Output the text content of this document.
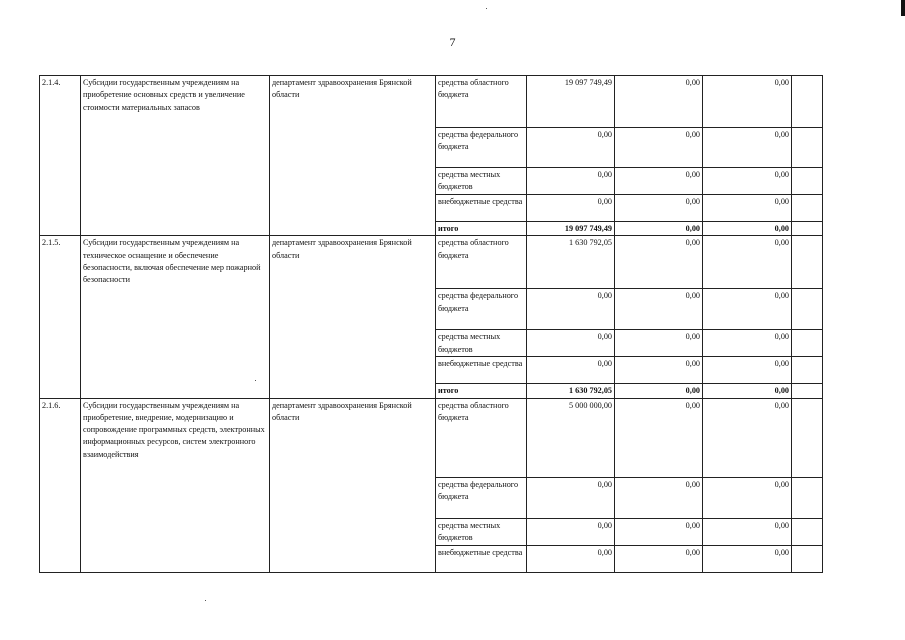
7
2.1.4.	Субсидии государственным учреждениям на приобретение основных средств и увеличение стоимости материальных запасов	департамент здравоохранения Брянской области	средства областного бюджета	19 097 749,49	0,00	0,00	
			средства федерального бюджета	0,00	0,00	0,00	
			средства местных бюджетов	0,00	0,00	0,00	
			внебюджетные средства	0,00	0,00	0,00	
			итого	19 097 749,49	0,00	0,00	
2.1.5.	Субсидии государственным учреждениям на техническое оснащение и обеспечение безопасности, включая обеспечение мер пожарной безопасности	департамент здравоохранения Брянской области	средства областного бюджета	1 630 792,05	0,00	0,00	
			средства федерального бюджета	0,00	0,00	0,00	
			средства местных бюджетов	0,00	0,00	0,00	
			внебюджетные средства	0,00	0,00	0,00	
			итого	1 630 792,05	0,00	0,00	
2.1.6.	Субсидии государственным учреждениям на приобретение, внедрение, модернизацию и сопровождение программных средств, электронных информационных ресурсов, систем электронного взаимодействия	департамент здравоохранения Брянской области	средства областного бюджета	5 000 000,00	0,00	0,00	
			средства федерального бюджета	0,00	0,00	0,00	
			средства местных бюджетов	0,00	0,00	0,00	
			внебюджетные средства	0,00	0,00	0,00	
